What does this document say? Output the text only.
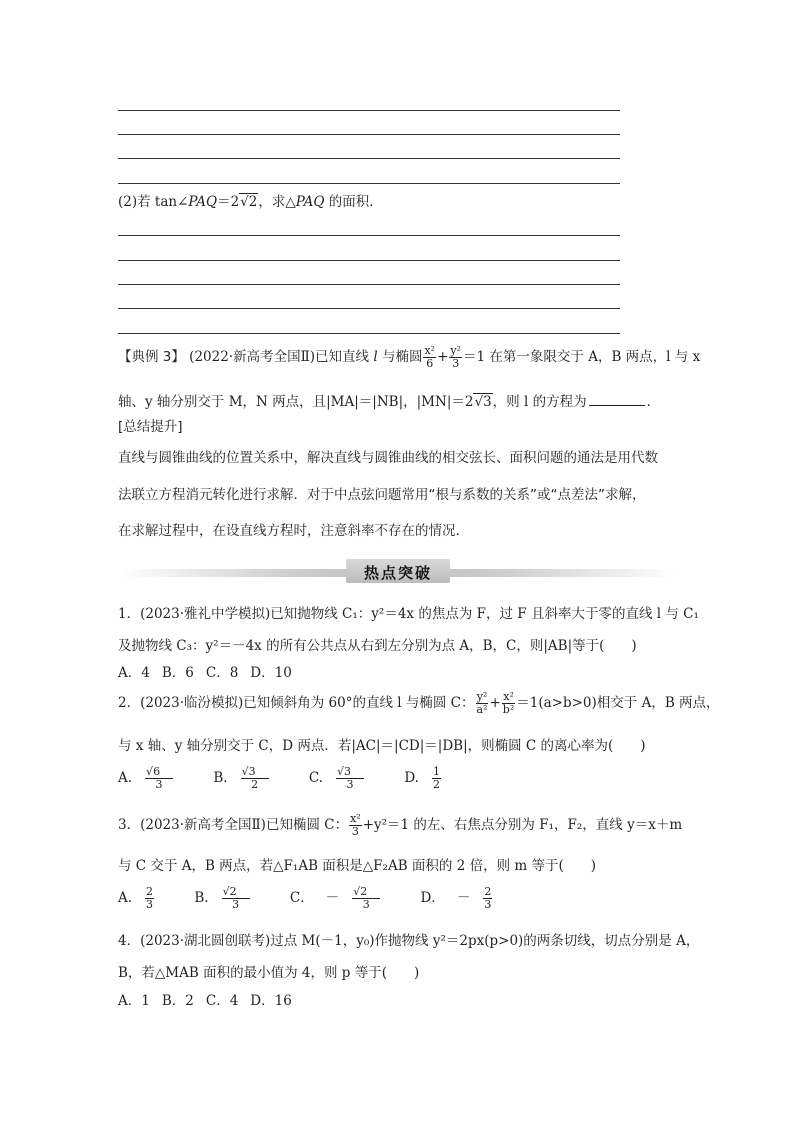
(2)若 tan∠PAQ＝2√2，求△PAQ 的面积．
【典例 3】 (2022·新高考全国Ⅱ)已知直线 l 与椭圆 $\frac{\text{x²}}{6} + \frac{\text{y²}}{3} =1$ 在第一象限交于 A，B 两点，l 与 x
轴、y 轴分别交于 M，N 两点，且|MA|＝|NB|，|MN|＝2√3，则 l 的方程为	．
[总结提升]
直线与圆锥曲线的位置关系中，解决直线与圆锥曲线的相交弦长、面积问题的通法是用代数
法联立方程消元转化进行求解．对于中点弦问题常用“根与系数的关系”或“点差法”求解，
在求解过程中，在设直线方程时，注意斜率不存在的情况．
热点突破
1．(2023·雅礼中学模拟)已知抛物线 C₁：y²＝4x 的焦点为 F，过 F 且斜率大于零的直线 l 与 C₁
及抛物线 C₃：y²＝－4x 的所有公共点从右到左分别为点 A，B，C，则|AB|等于(　　)
A．4 B．6 C．8 D．10
2．(2023·临汾模拟)已知倾斜角为 60°的直线 l 与椭圆 C： $\frac{\text{y²}}{\text{a²}} + \frac{\text{x²}}{\text{b²}} =1(a>b>0)$相交于 A，B 两点，
与 x 轴、y 轴分别交于 C，D 两点．若|AC|＝|CD|＝|DB|，则椭圆 C 的离心率为(　　)
A. $\frac{√6}{3} B$. $\frac{√3}{2} C$. $\frac{√3}{3} D$. $\frac{1}{2}$
3．(2023·新高考全国Ⅱ)已知椭圆 C： $\frac{\text{x²}}{3} +y^2=1$ 的左、右焦点分别为 F₁，F₂，直线 y＝x＋m
与 C 交于 A，B 两点，若△F₁AB 面积是△F₂AB 面积的 2 倍，则 m 等于(　　)
A. $\frac{2}{3} B$. $\frac{√2}{3}$ C． － $\frac{√2}{3}$ D． － $\frac{2}{3}$
4．(2023·湖北圆创联考)过点 M(－1，y₀)作抛物线 y²＝2px(p>0)的两条切线，切点分别是 A，
B，若△MAB 面积的最小值为 4，则 p 等于(　　)
A．1 B．2 C．4 D．16
